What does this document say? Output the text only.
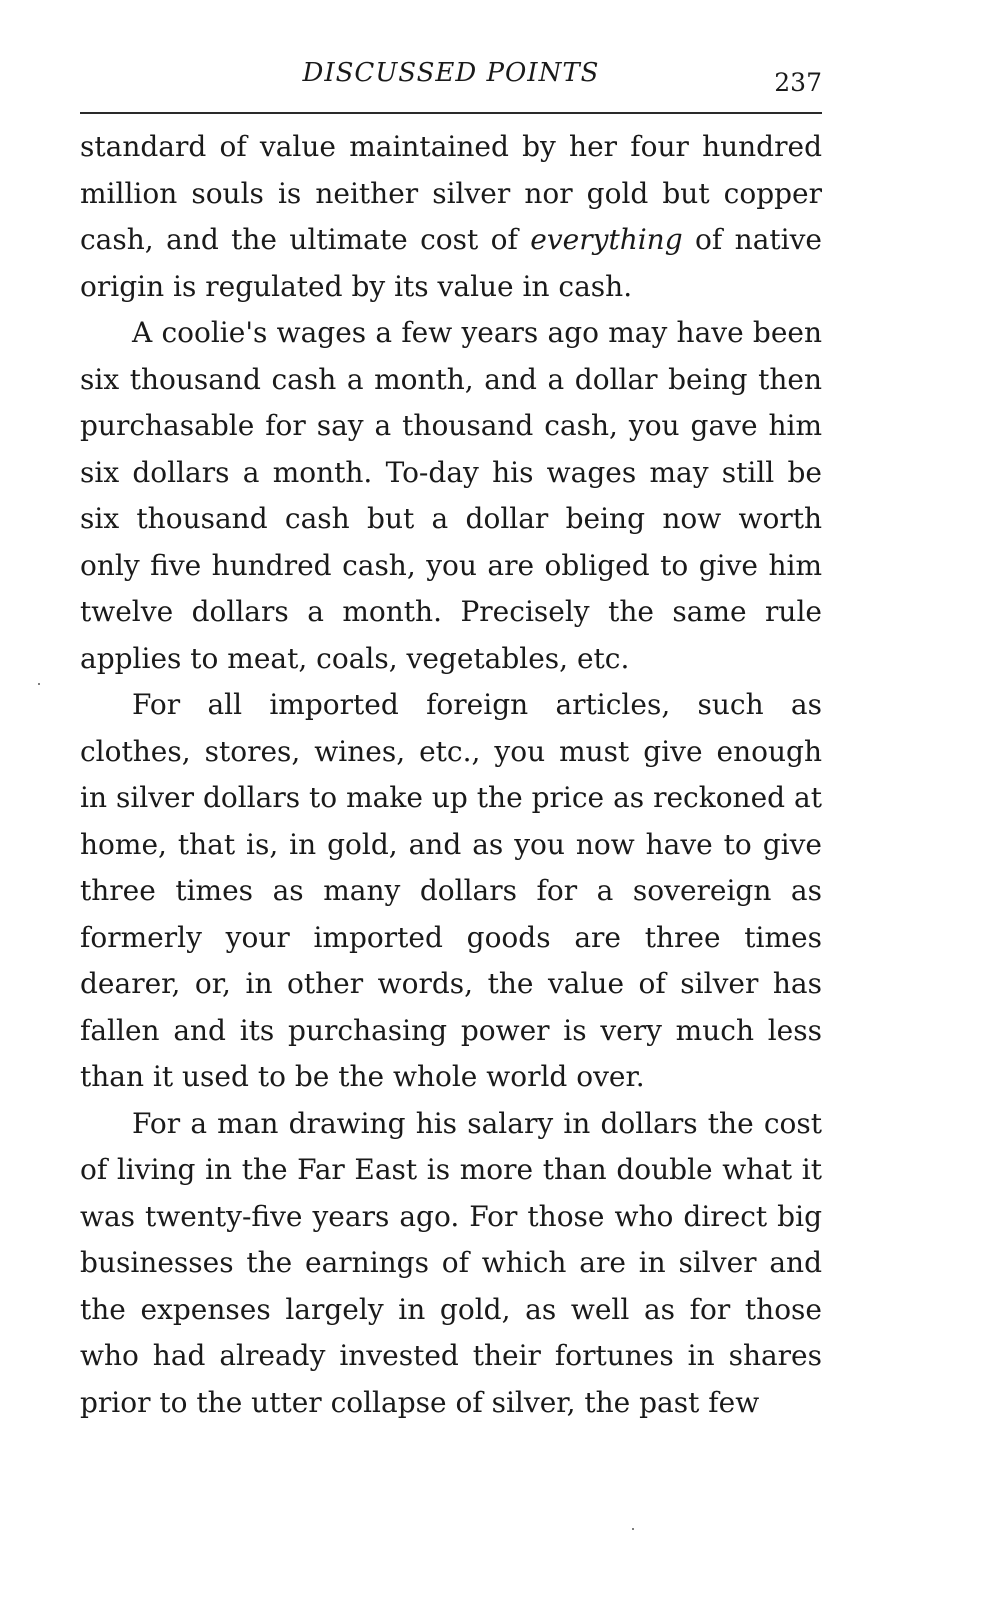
DISCUSSED POINTS	237

standard of value maintained by her four hundred million souls is neither silver nor gold but copper cash, and the ultimate cost of everything of native origin is regulated by its value in cash.

A coolie's wages a few years ago may have been six thousand cash a month, and a dollar being then purchasable for say a thousand cash, you gave him six dollars a month. To-day his wages may still be six thousand cash but a dollar being now worth only five hundred cash, you are obliged to give him twelve dollars a month. Precisely the same rule applies to meat, coals, vegetables, etc.

For all imported foreign articles, such as clothes, stores, wines, etc., you must give enough in silver dollars to make up the price as reckoned at home, that is, in gold, and as you now have to give three times as many dollars for a sovereign as formerly your imported goods are three times dearer, or, in other words, the value of silver has fallen and its purchasing power is very much less than it used to be the whole world over.

For a man drawing his salary in dollars the cost of living in the Far East is more than double what it was twenty-five years ago. For those who direct big businesses the earnings of which are in silver and the expenses largely in gold, as well as for those who had already invested their fortunes in shares prior to the utter collapse of silver, the past few
